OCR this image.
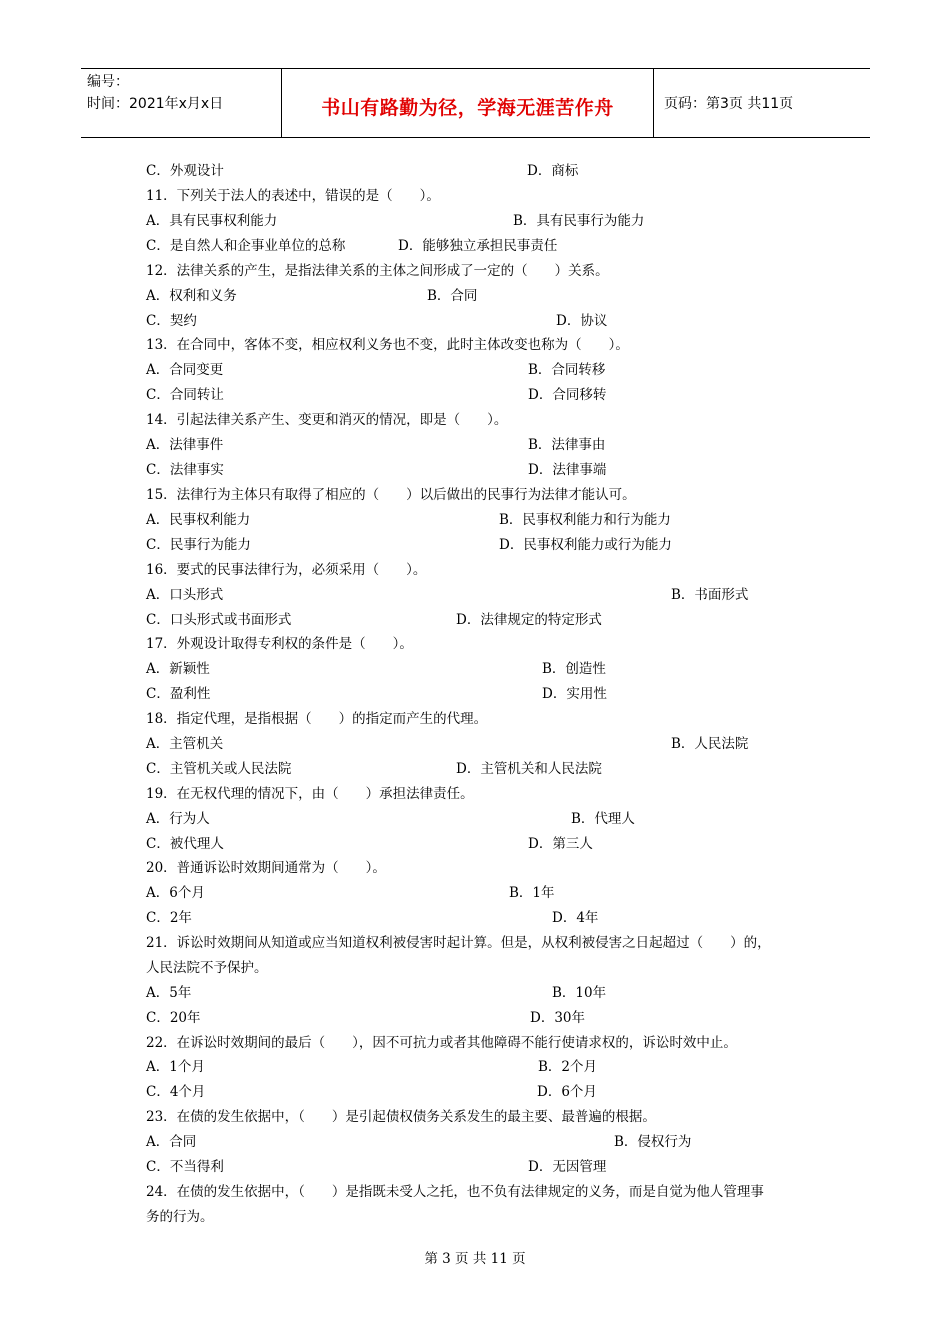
编号：
时间：2021年x月x日	书山有路勤为径，学海无涯苦作舟	页码：第3页 共11页
C．外观设计	D．商标
11．下列关于法人的表述中，错误的是（　　）。
A．具有民事权利能力	B．具有民事行为能力
C．是自然人和企事业单位的总称	D．能够独立承担民事责任
12．法律关系的产生，是指法律关系的主体之间形成了一定的（　　）关系。
A．权利和义务	B．合同
C．契约	D．协议
13．在合同中，客体不变，相应权利义务也不变，此时主体改变也称为（　　）。
A．合同变更	B．合同转移
C．合同转让	D．合同移转
14．引起法律关系产生、变更和消灭的情况，即是（　　）。
A．法律事件	B．法律事由
C．法律事实	D．法律事端
15．法律行为主体只有取得了相应的（　　）以后做出的民事行为法律才能认可。
A．民事权利能力	B．民事权利能力和行为能力
C．民事行为能力	D．民事权利能力或行为能力
16．要式的民事法律行为，必须采用（　　）。
A．口头形式	B．书面形式
C．口头形式或书面形式	D．法律规定的特定形式
17．外观设计取得专利权的条件是（　　）。
A．新颖性	B．创造性
C．盈利性	D．实用性
18．指定代理，是指根据（　　）的指定而产生的代理。
A．主管机关	B．人民法院
C．主管机关或人民法院	D．主管机关和人民法院
19．在无权代理的情况下，由（　　）承担法律责任。
A．行为人	B．代理人
C．被代理人	D．第三人
20．普通诉讼时效期间通常为（　　）。
A．6个月	B．1年
C．2年	D．4年
21．诉讼时效期间从知道或应当知道权利被侵害时起计算。但是，从权利被侵害之日起超过（　　）的，
人民法院不予保护。
A．5年	B．10年
C．20年	D．30年
22．在诉讼时效期间的最后（　　），因不可抗力或者其他障碍不能行使请求权的，诉讼时效中止。
A．1个月	B．2个月
C．4个月	D．6个月
23．在债的发生依据中，（　　）是引起债权债务关系发生的最主要、最普遍的根据。
A．合同	B．侵权行为
C．不当得利	D．无因管理
24．在债的发生依据中，（　　）是指既未受人之托，也不负有法律规定的义务，而是自觉为他人管理事
务的行为。
第 3 页 共 11 页
